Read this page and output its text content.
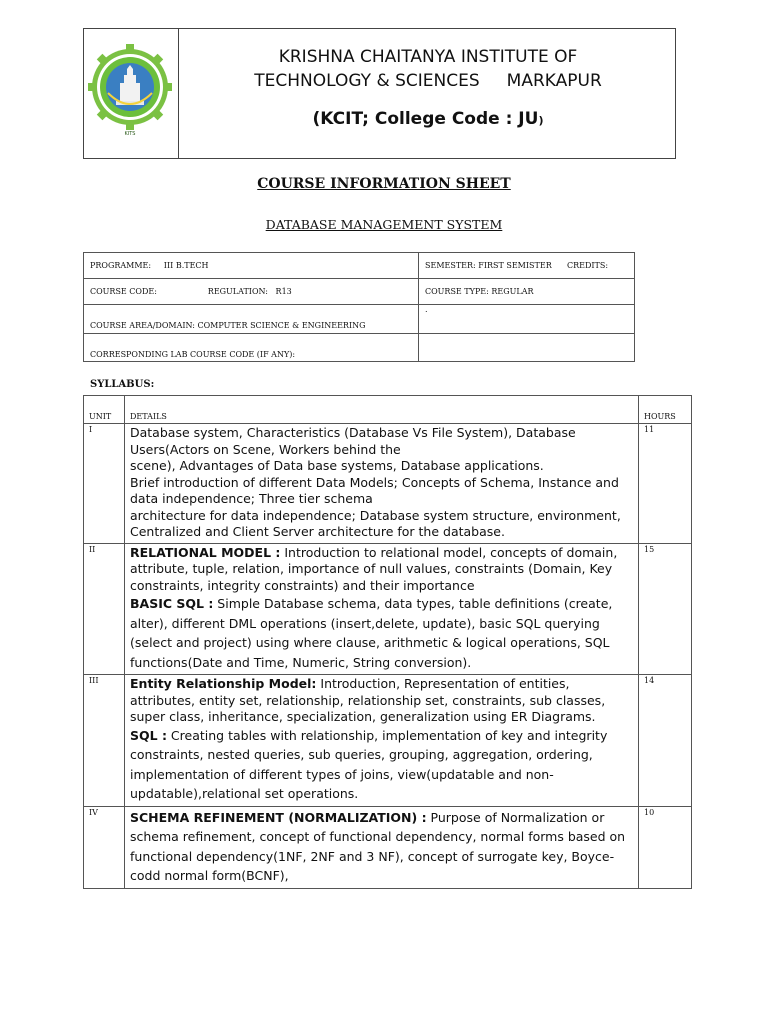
KITS
KRISHNA CHAITANYA INSTITUTE OF
TECHNOLOGY & SCIENCES     MARKAPUR
(KCIT; College Code : JU)
COURSE INFORMATION SHEET
DATABASE MANAGEMENT SYSTEM
PROGRAMME:     III B.TECH	SEMESTER: FIRST SEMISTER      CREDITS:
COURSE CODE:                    REGULATION:   R13	COURSE TYPE: REGULAR
COURSE AREA/DOMAIN: COMPUTER SCIENCE & ENGINEERING	.
CORRESPONDING LAB COURSE CODE (IF ANY):	
SYLLABUS:
UNIT	DETAILS	HOURS
I	Database system, Characteristics (Database Vs File System), Database Users(Actors on Scene, Workers behind the
scene), Advantages of Data base systems, Database applications.
Brief introduction of different Data Models; Concepts of Schema, Instance and data independence; Three tier schema
architecture for data independence; Database system structure, environment, Centralized and Client Server architecture for the database.	11
II	RELATIONAL MODEL : Introduction to relational model, concepts of domain, attribute, tuple, relation, importance of null values, constraints (Domain, Key constraints, integrity constraints) and their importance
BASIC SQL : Simple Database schema, data types, table definitions (create, alter), different DML operations (insert,delete, update), basic SQL querying (select and project) using where clause, arithmetic & logical operations, SQL functions(Date and Time, Numeric, String conversion).	15
III	Entity Relationship Model: Introduction, Representation of entities, attributes, entity set, relationship, relationship set, constraints, sub classes, super class, inheritance, specialization, generalization using ER Diagrams.
SQL : Creating tables with relationship, implementation of key and integrity constraints, nested queries, sub queries, grouping, aggregation, ordering, implementation of different types of joins, view(updatable and non-updatable),relational set operations.	14
IV	SCHEMA REFINEMENT (NORMALIZATION) : Purpose of Normalization or schema refinement, concept of functional dependency, normal forms based on functional dependency(1NF, 2NF and 3 NF), concept of surrogate key, Boyce-codd normal form(BCNF),	10
